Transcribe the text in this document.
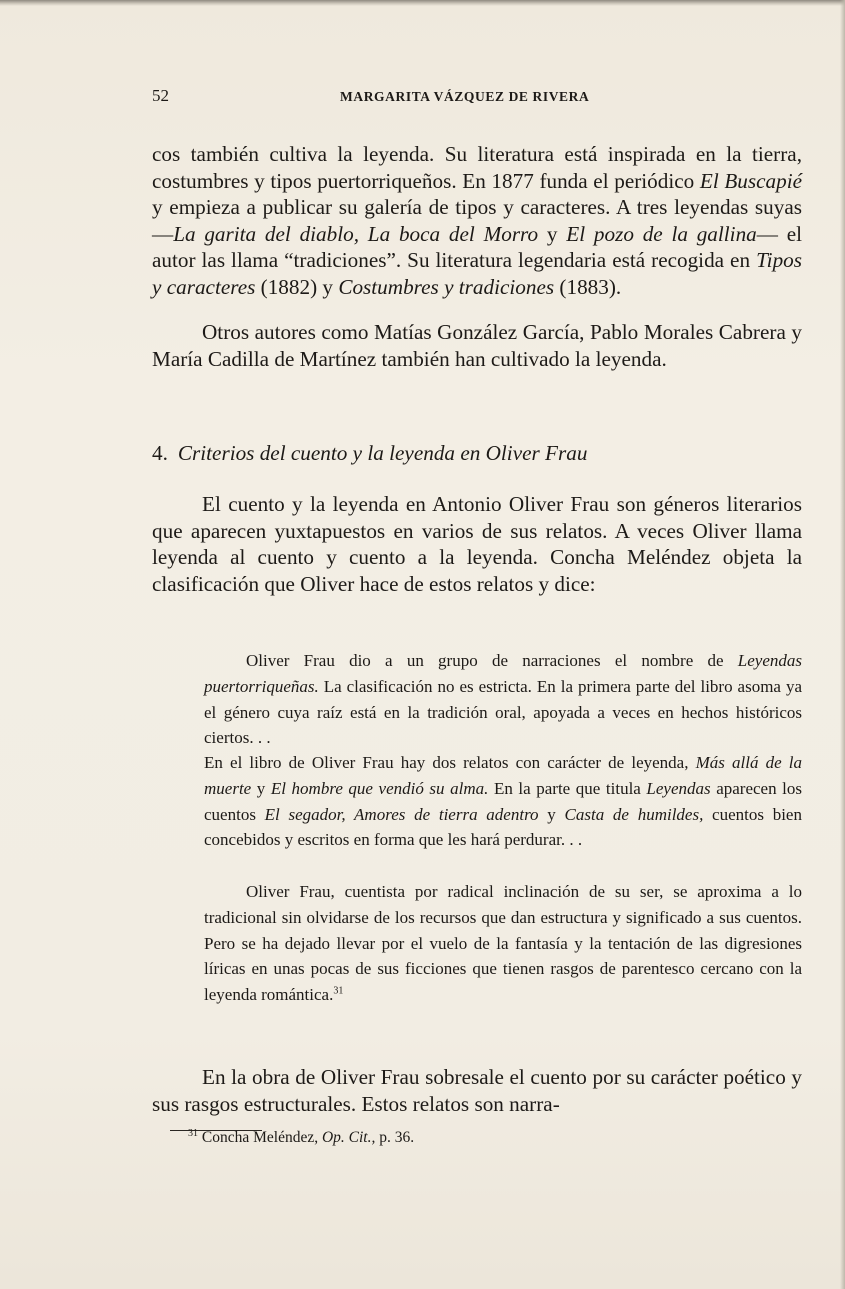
52	MARGARITA VÁZQUEZ DE RIVERA
cos también cultiva la leyenda. Su literatura está inspirada en la tierra, costumbres y tipos puertorriqueños. En 1877 funda el periódico El Buscapié y empieza a publicar su galería de tipos y caracteres. A tres leyendas suyas —La garita del diablo, La boca del Morro y El pozo de la gallina— el autor las llama “tradiciones”. Su literatura legendaria está recogida en Tipos y caracteres (1882) y Costumbres y tradiciones (1883).
Otros autores como Matías González García, Pablo Morales Cabrera y María Cadilla de Martínez también han cultivado la leyenda.
4. Criterios del cuento y la leyenda en Oliver Frau
El cuento y la leyenda en Antonio Oliver Frau son géneros literarios que aparecen yuxtapuestos en varios de sus relatos. A veces Oliver llama leyenda al cuento y cuento a la leyenda. Concha Meléndez objeta la clasificación que Oliver hace de estos relatos y dice:
Oliver Frau dio a un grupo de narraciones el nombre de Leyendas puertorriqueñas. La clasificación no es estricta. En la primera parte del libro asoma ya el género cuya raíz está en la tradición oral, apoyada a veces en hechos históricos ciertos. . .
En el libro de Oliver Frau hay dos relatos con carácter de leyenda, Más allá de la muerte y El hombre que vendió su alma. En la parte que titula Leyendas aparecen los cuentos El segador, Amores de tierra adentro y Casta de humildes, cuentos bien concebidos y escritos en forma que les hará perdurar. . .
Oliver Frau, cuentista por radical inclinación de su ser, se aproxima a lo tradicional sin olvidarse de los recursos que dan estructura y significado a sus cuentos. Pero se ha dejado llevar por el vuelo de la fantasía y la tentación de las digresiones líricas en unas pocas de sus ficciones que tienen rasgos de parentesco cercano con la leyenda romántica.$^{31}$
En la obra de Oliver Frau sobresale el cuento por su carácter poético y sus rasgos estructurales. Estos relatos son narra-
$^{31}$ Concha Meléndez, Op. Cit., p. 36.
